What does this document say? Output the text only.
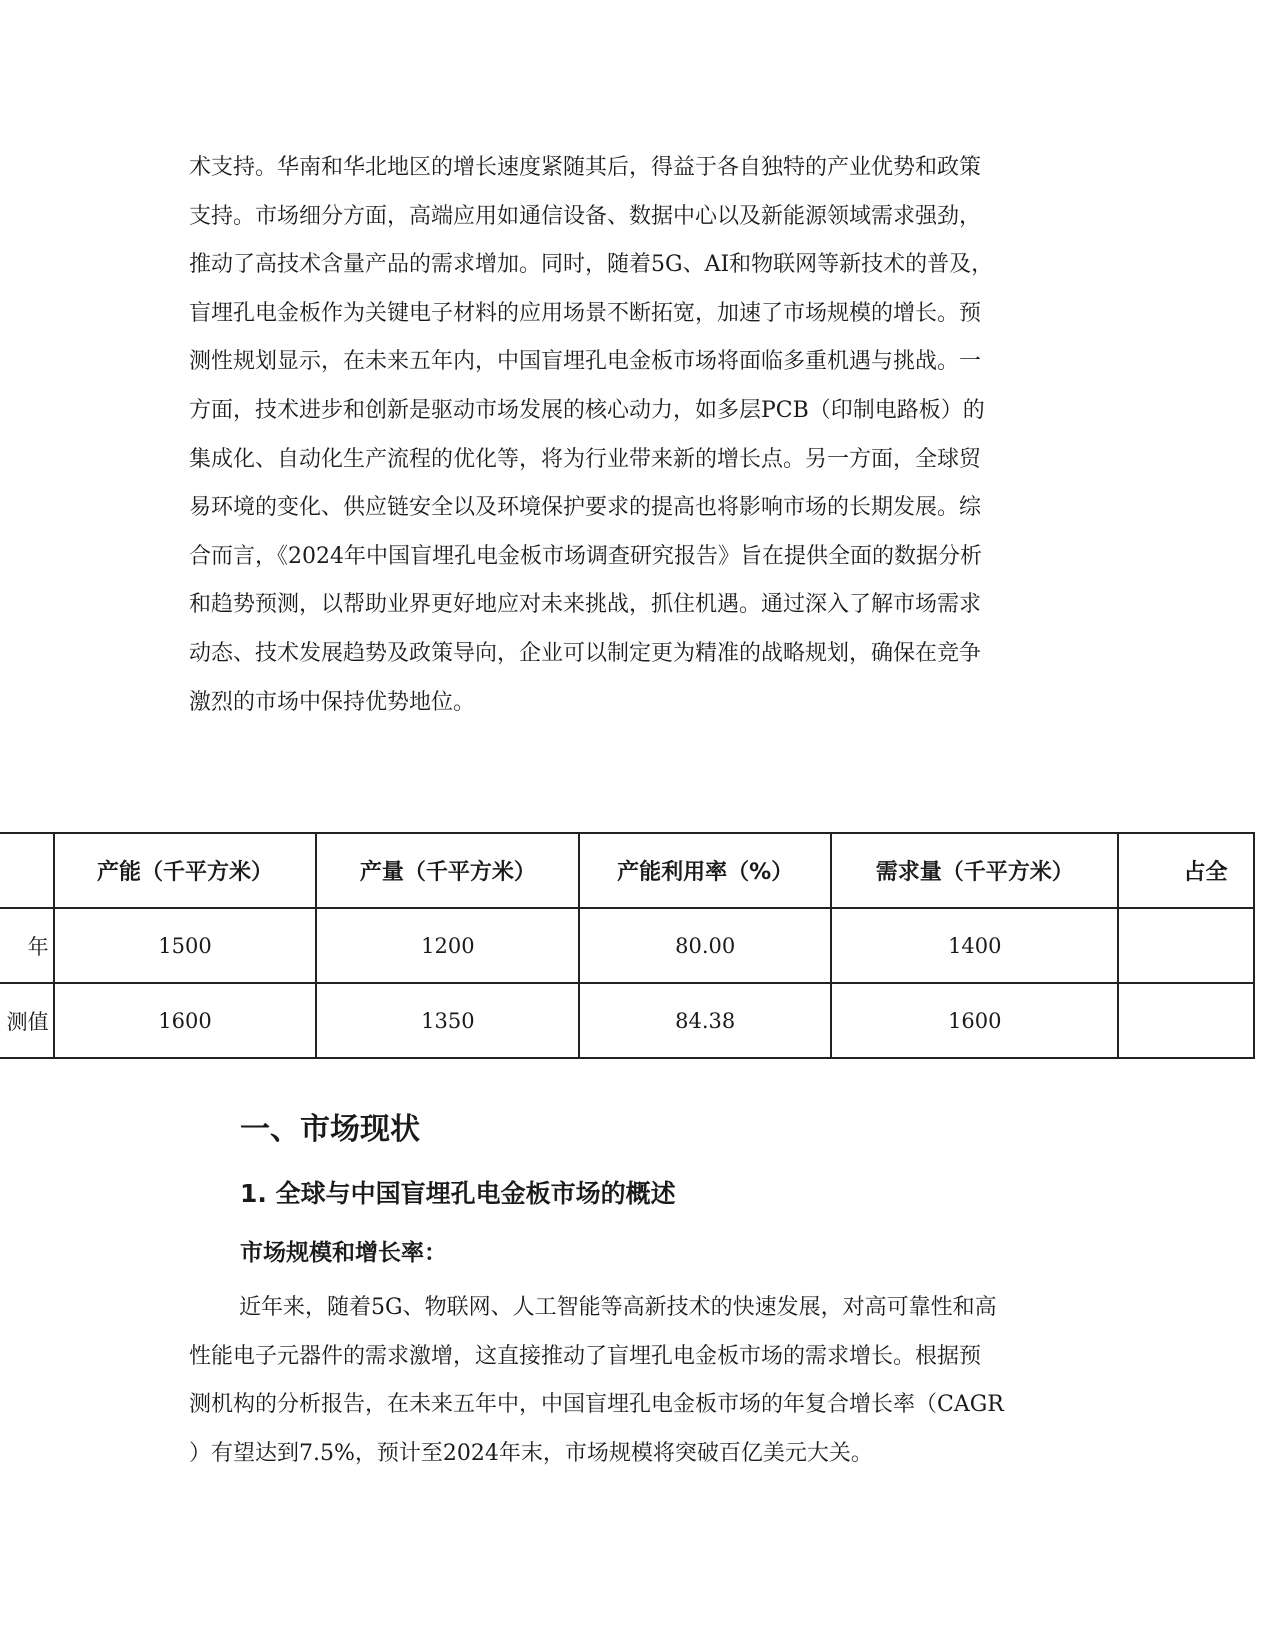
术支持。华南和华北地区的增长速度紧随其后，得益于各自独特的产业优势和政策
支持。市场细分方面，高端应用如通信设备、数据中心以及新能源领域需求强劲，
推动了高技术含量产品的需求增加。同时，随着5G、AI和物联网等新技术的普及，
盲埋孔电金板作为关键电子材料的应用场景不断拓宽，加速了市场规模的增长。预
测性规划显示，在未来五年内，中国盲埋孔电金板市场将面临多重机遇与挑战。一
方面，技术进步和创新是驱动市场发展的核心动力，如多层PCB（印制电路板）的
集成化、自动化生产流程的优化等，将为行业带来新的增长点。另一方面，全球贸
易环境的变化、供应链安全以及环境保护要求的提高也将影响市场的长期发展。综
合而言，《2024年中国盲埋孔电金板市场调查研究报告》旨在提供全面的数据分析
和趋势预测，以帮助业界更好地应对未来挑战，抓住机遇。通过深入了解市场需求
动态、技术发展趋势及政策导向，企业可以制定更为精准的战略规划，确保在竞争
激烈的市场中保持优势地位。
	产能（千平方米）	产量（千平方米）	产能利用率（%）	需求量（千平方米）	占全
年	1500	1200	80.00	1400	
测值	1600	1350	84.38	1600	
一、市场现状
1. 全球与中国盲埋孔电金板市场的概述
市场规模和增长率：
近年来，随着5G、物联网、人工智能等高新技术的快速发展，对高可靠性和高
性能电子元器件的需求激增，这直接推动了盲埋孔电金板市场的需求增长。根据预
测机构的分析报告，在未来五年中，中国盲埋孔电金板市场的年复合增长率（CAGR
）有望达到7.5%，预计至2024年末，市场规模将突破百亿美元大关。
